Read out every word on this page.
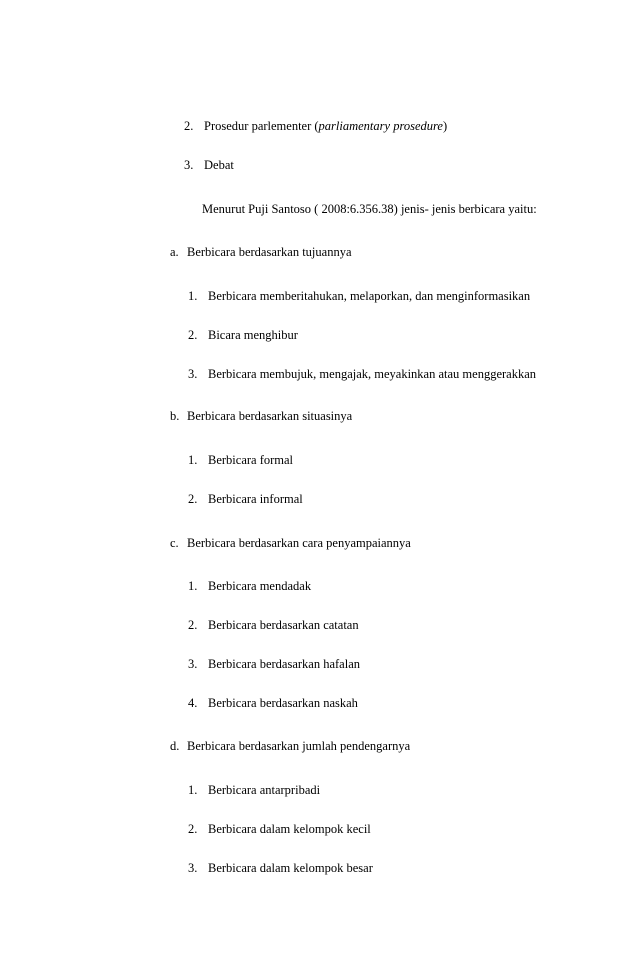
2. Prosedur parlementer (parliamentary prosedure)
3. Debat
Menurut Puji Santoso ( 2008:6.356.38) jenis- jenis berbicara yaitu:
a. Berbicara berdasarkan tujuannya
1. Berbicara memberitahukan, melaporkan, dan menginformasikan
2. Bicara menghibur
3. Berbicara membujuk, mengajak, meyakinkan atau menggerakkan
b. Berbicara berdasarkan situasinya
1. Berbicara formal
2. Berbicara informal
c. Berbicara berdasarkan cara penyampaiannya
1. Berbicara mendadak
2. Berbicara berdasarkan catatan
3. Berbicara berdasarkan hafalan
4. Berbicara berdasarkan naskah
d. Berbicara berdasarkan jumlah pendengarnya
1. Berbicara antarpribadi
2. Berbicara dalam kelompok kecil
3. Berbicara dalam kelompok besar
